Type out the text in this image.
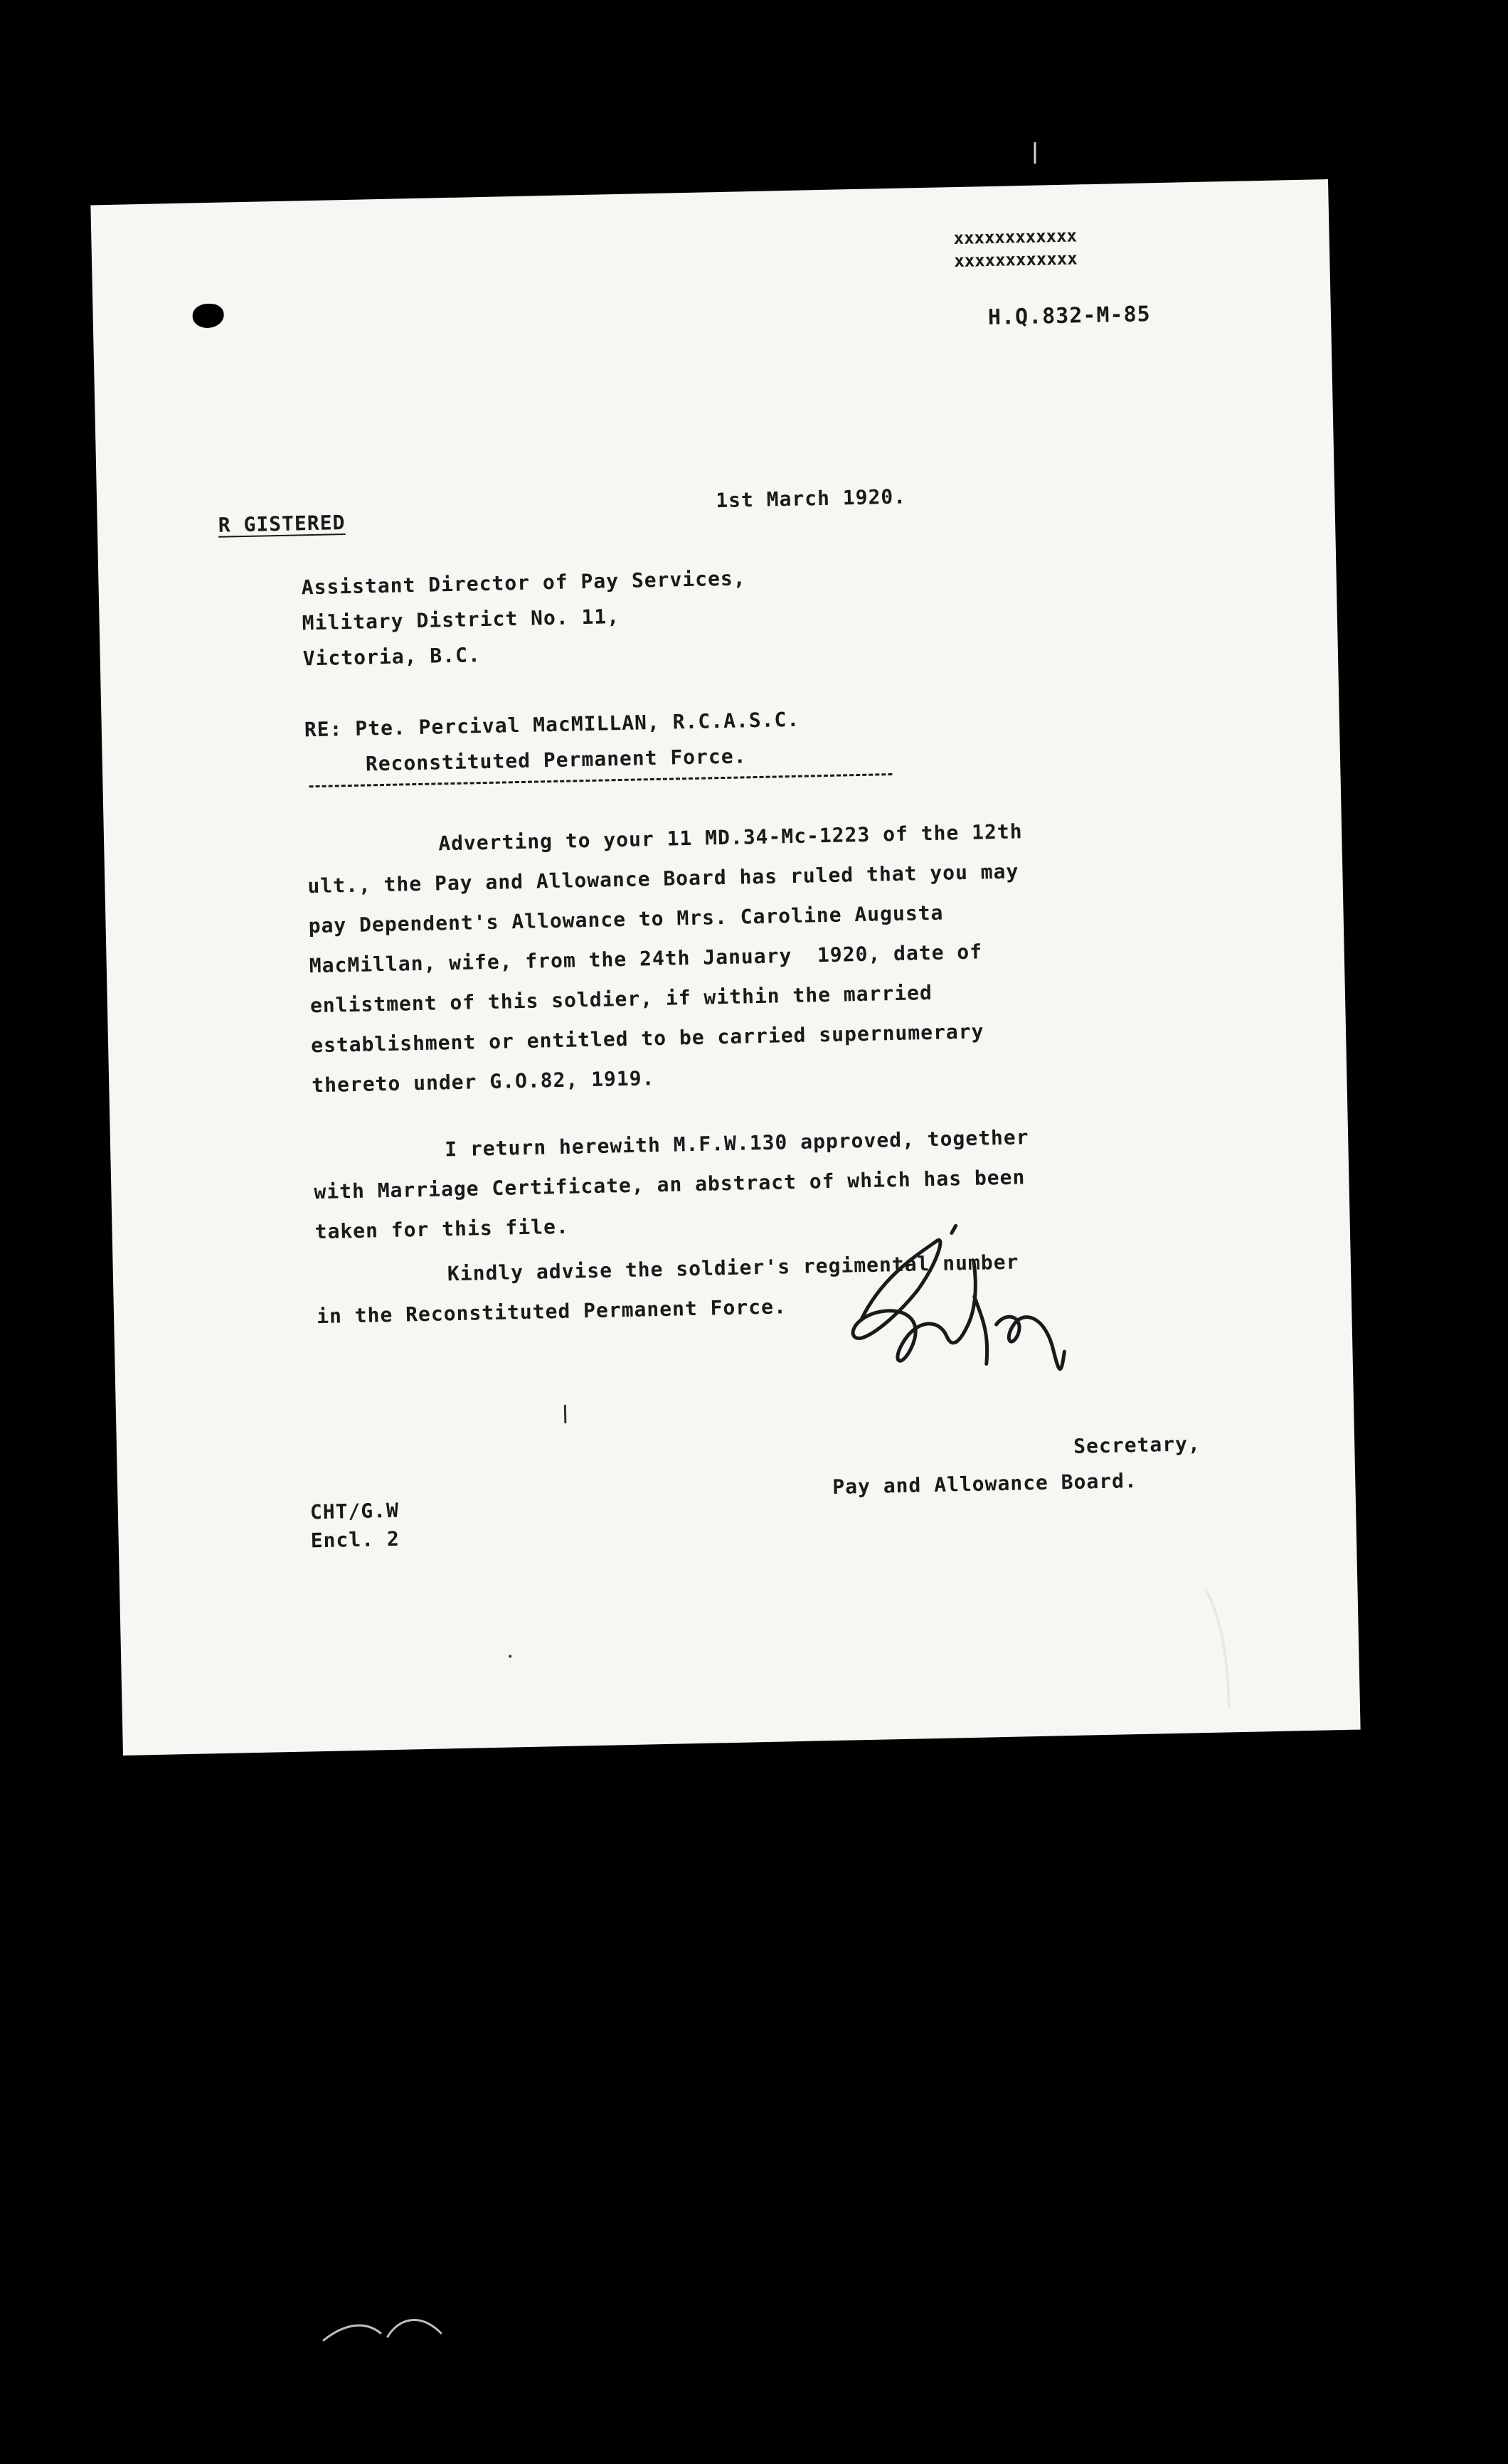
xxxxxxxxxxxx
xxxxxxxxxxxx
H.Q.832-M-85
R GISTERED
1st March 1920.
Assistant Director of Pay Services,
Military District No. 11,
Victoria, B.C.
RE: Pte. Percival MacMILLAN, R.C.A.S.C.
Reconstituted Permanent Force.
Adverting to your 11 MD.34-Mc-1223 of the 12th
ult., the Pay and Allowance Board has ruled that you may
pay Dependent's Allowance to Mrs. Caroline Augusta
MacMillan, wife, from the 24th January  1920, date of
enlistment of this soldier, if within the married
establishment or entitled to be carried supernumerary
thereto under G.O.82, 1919.
I return herewith M.F.W.130 approved, together
with Marriage Certificate, an abstract of which has been
taken for this file.
Kindly advise the soldier's regimental number
in the Reconstituted Permanent Force.
Secretary,
Pay and Allowance Board.
CHT/G.W
Encl. 2
